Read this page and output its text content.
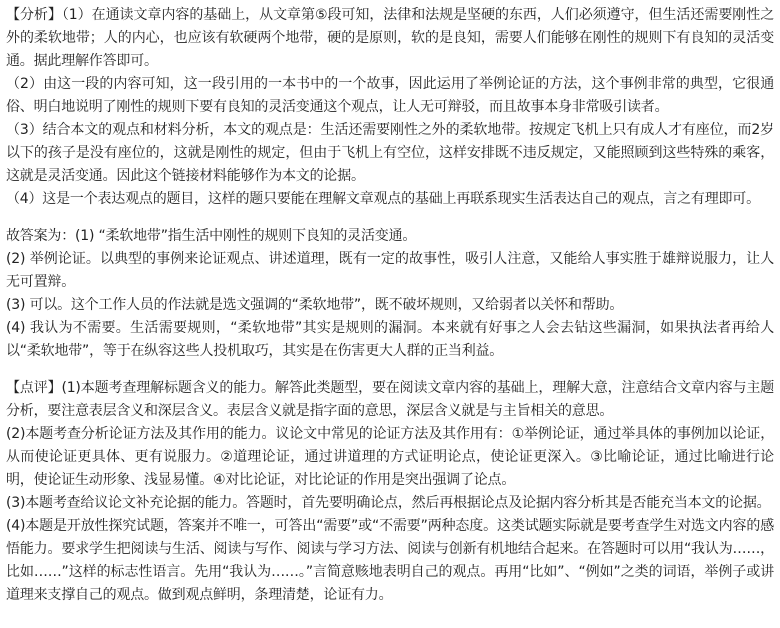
【分析】（1）在通读文章内容的基础上，从文章第⑤段可知，法律和法规是坚硬的东西，人们必须遵守，但生活还需要刚性之外的柔软地带；人的内心，也应该有软硬两个地带，硬的是原则，软的是良知，需要人们能够在刚性的规则下有良知的灵活变通。据此理解作答即可。

（2）由这一段的内容可知，这一段引用的一本书中的一个故事，因此运用了举例论证的方法，这个事例非常的典型，它很通俗、明白地说明了刚性的规则下要有良知的灵活变通这个观点，让人无可辩驳，而且故事本身非常吸引读者。

（3）结合本文的观点和材料分析，本文的观点是：生活还需要刚性之外的柔软地带。按规定飞机上只有成人才有座位，而2岁以下的孩子是没有座位的，这就是刚性的规定，但由于飞机上有空位，这样安排既不违反规定，又能照顾到这些特殊的乘客，这就是灵活变通。因此这个链接材料能够作为本文的论据。

（4）这是一个表达观点的题目，这样的题只要能在理解文章观点的基础上再联系现实生活表达自己的观点，言之有理即可。

故答案为：(1) “柔软地带”指生活中刚性的规则下良知的灵活变通。

(2) 举例论证。以典型的事例来论证观点、讲述道理，既有一定的故事性，吸引人注意，又能给人事实胜于雄辩说服力，让人无可置辩。

(3) 可以。这个工作人员的作法就是选文强调的“柔软地带”，既不破坏规则，又给弱者以关怀和帮助。

(4) 我认为不需要。生活需要规则，“柔软地带”其实是规则的漏洞。本来就有好事之人会去钻这些漏洞，如果执法者再给人以“柔软地带”，等于在纵容这些人投机取巧，其实是在伤害更大人群的正当利益。

【点评】(1)本题考查理解标题含义的能力。解答此类题型，要在阅读文章内容的基础上，理解大意，注意结合文章内容与主题分析，要注意表层含义和深层含义。表层含义就是指字面的意思，深层含义就是与主旨相关的意思。

(2)本题考查分析论证方法及其作用的能力。议论文中常见的论证方法及其作用有：①举例论证，通过举具体的事例加以论证，从而使论证更具体、更有说服力。②道理论证，通过讲道理的方式证明论点，使论证更深入。③比喻论证，通过比喻进行论明，使论证生动形象、浅显易懂。④对比论证，对比论证的作用是突出强调了论点。

(3)本题考查给议论文补充论据的能力。答题时，首先要明确论点，然后再根据论点及论据内容分析其是否能充当本文的论据。

(4)本题是开放性探究试题，答案并不唯一，可答出“需要”或“不需要”两种态度。这类试题实际就是要考查学生对选文内容的感悟能力。要求学生把阅读与生活、阅读与写作、阅读与学习方法、阅读与创新有机地结合起来。在答题时可以用“我认为……，比如……”这样的标志性语言。先用“我认为……。”言简意赅地表明自己的观点。再用“比如”、“例如”之类的词语，举例子或讲道理来支撑自己的观点。做到观点鲜明，条理清楚，论证有力。
